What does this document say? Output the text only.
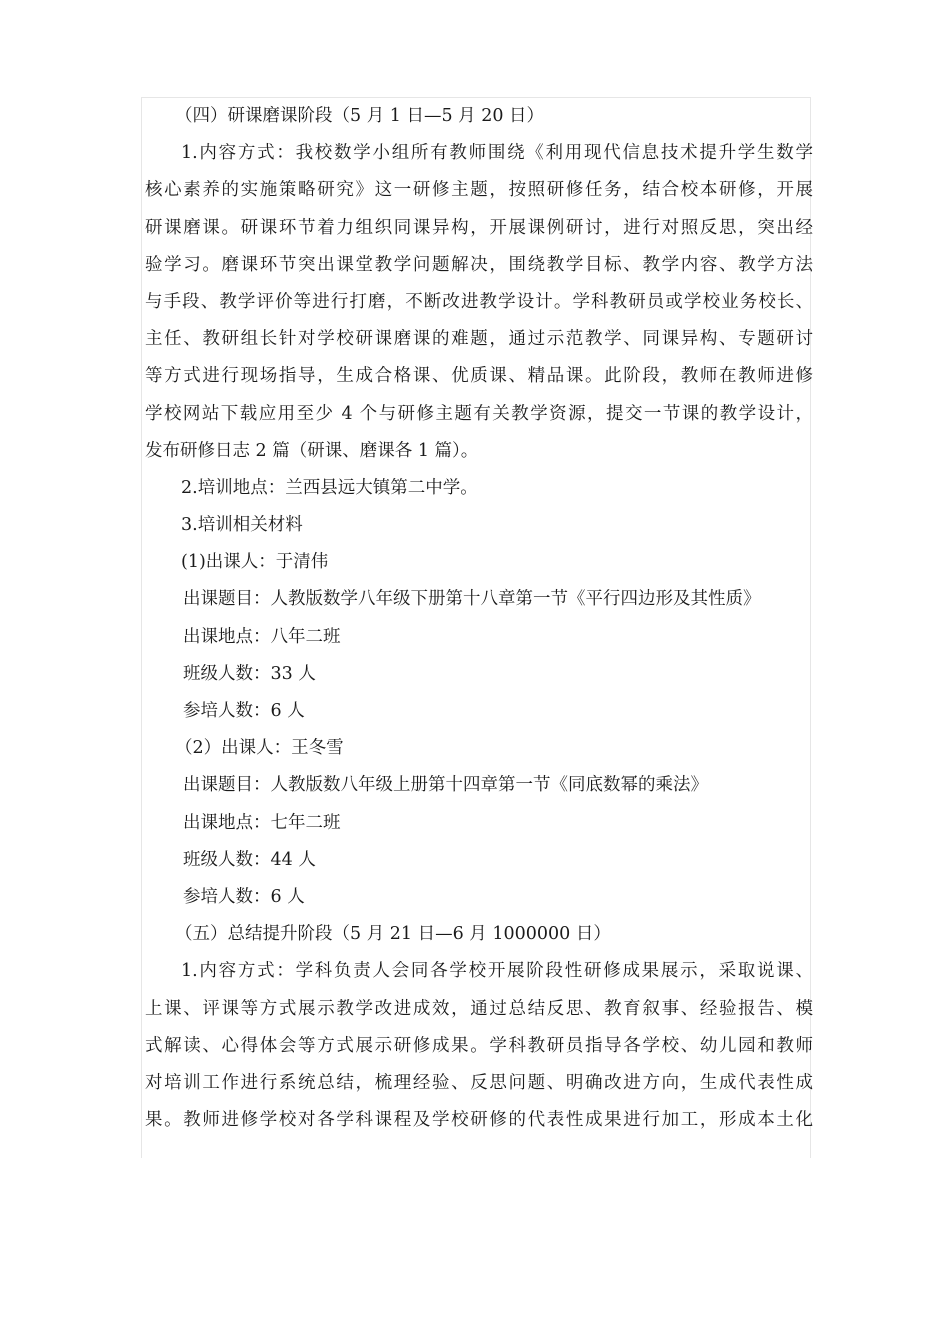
（四）研课磨课阶段（5 月 1 日—5 月 20 日）
1.内容方式：我校数学小组所有教师围绕《利用现代信息技术提升学生数学
核心素养的实施策略研究》这一研修主题，按照研修任务，结合校本研修，开展
研课磨课。研课环节着力组织同课异构，开展课例研讨，进行对照反思，突出经
验学习。磨课环节突出课堂教学问题解决，围绕教学目标、教学内容、教学方法
与手段、教学评价等进行打磨，不断改进教学设计。学科教研员或学校业务校长、
主任、教研组长针对学校研课磨课的难题，通过示范教学、同课异构、专题研讨
等方式进行现场指导，生成合格课、优质课、精品课。此阶段，教师在教师进修
学校网站下载应用至少 4 个与研修主题有关教学资源，提交一节课的教学设计，
发布研修日志 2 篇（研课、磨课各 1 篇）。
2.培训地点：兰西县远大镇第二中学。
3.培训相关材料
(1)出课人：于清伟
出课题目：人教版数学八年级下册第十八章第一节《平行四边形及其性质》
出课地点：八年二班
班级人数：33 人
参培人数：6 人
（2）出课人：王冬雪
出课题目：人教版数八年级上册第十四章第一节《同底数幂的乘法》
出课地点：七年二班
班级人数：44 人
参培人数：6 人
（五）总结提升阶段（5 月 21 日—6 月 1000000 日）
1.内容方式：学科负责人会同各学校开展阶段性研修成果展示，采取说课、
上课、评课等方式展示教学改进成效，通过总结反思、教育叙事、经验报告、模
式解读、心得体会等方式展示研修成果。学科教研员指导各学校、幼儿园和教师
对培训工作进行系统总结，梳理经验、反思问题、明确改进方向，生成代表性成
果。教师进修学校对各学科课程及学校研修的代表性成果进行加工，形成本土化
